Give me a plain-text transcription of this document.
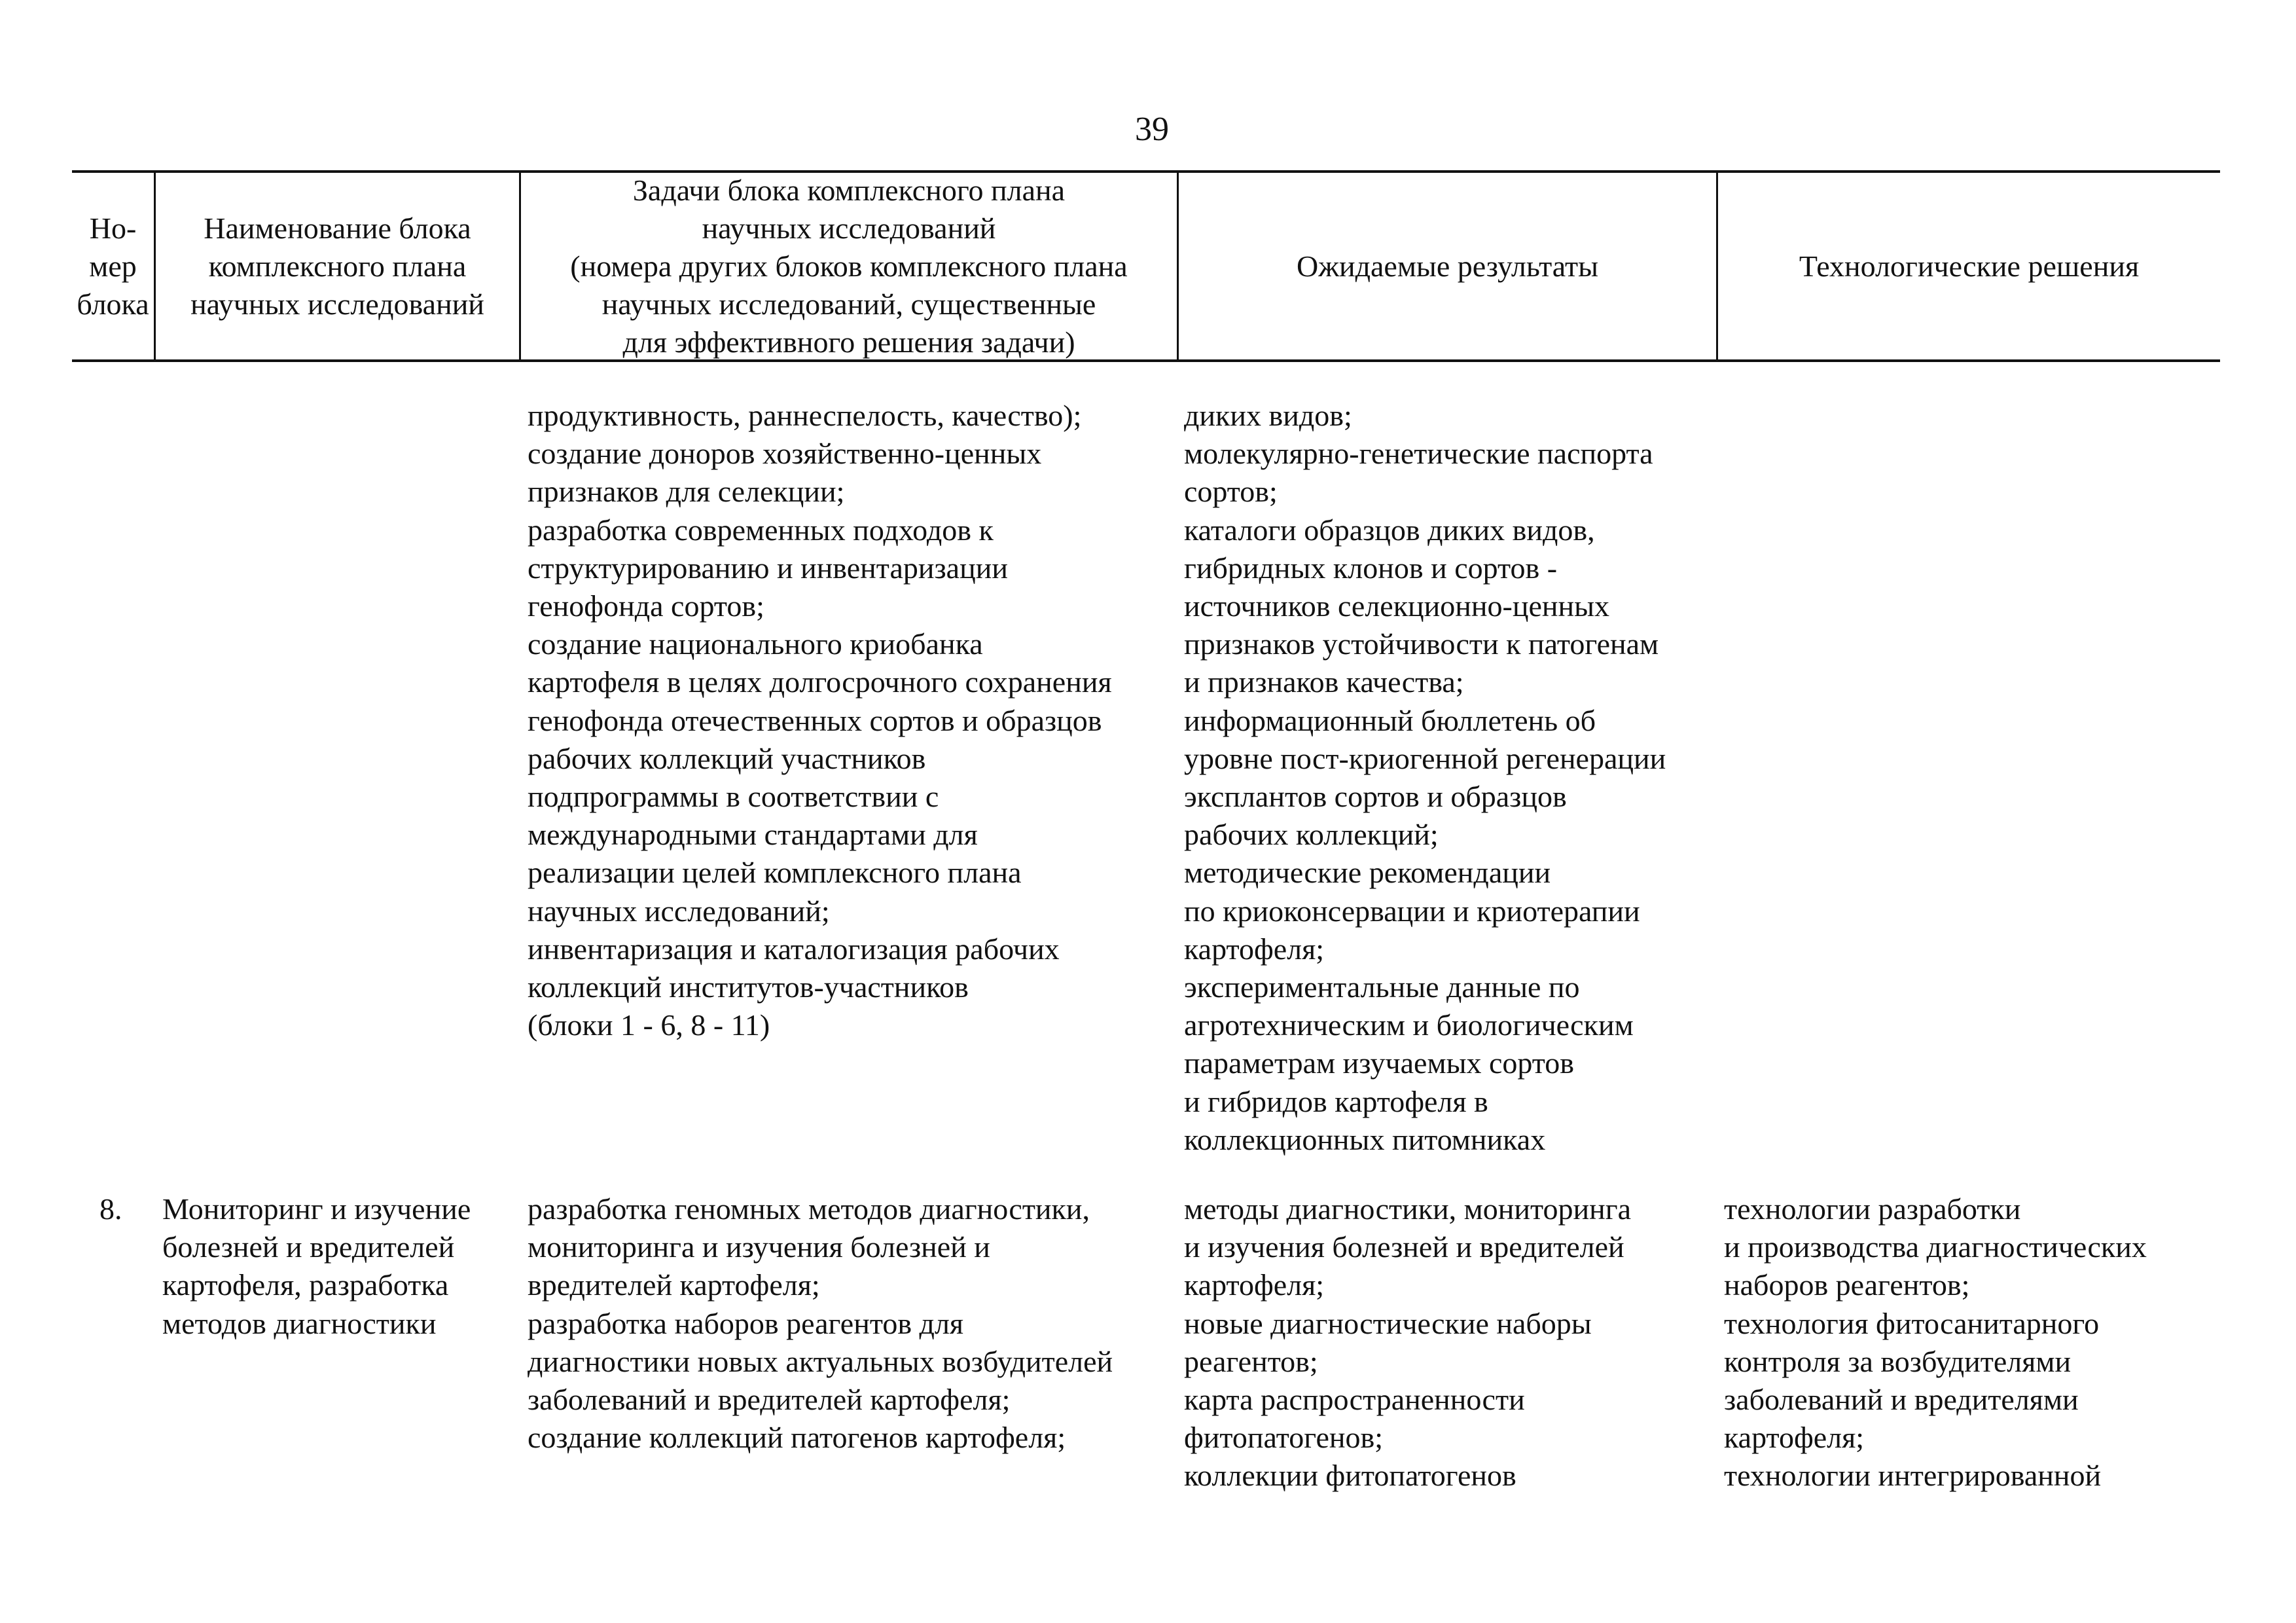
39
Но-
мер
блока
Наименование блока
комплексного плана
научных исследований
Задачи блока комплексного плана
научных исследований
(номера других блоков комплексного плана
научных исследований, существенные
для эффективного решения задачи)
Ожидаемые результаты	Технологические решения
продуктивность, раннеспелость, качество);
создание доноров хозяйственно-ценных
признаков для селекции;
разработка современных подходов к
структурированию и инвентаризации
генофонда сортов;
создание национального криобанка
картофеля в целях долгосрочного сохранения
генофонда отечественных сортов и образцов
рабочих коллекций участников
подпрограммы в соответствии с
международными стандартами для
реализации целей комплексного плана
научных исследований;
инвентаризация и каталогизация рабочих
коллекций институтов-участников
(блоки 1 - 6, 8 - 11)
диких видов;
молекулярно-генетические паспорта
сортов;
каталоги образцов диких видов,
гибридных клонов и сортов -
источников селекционно-ценных
признаков устойчивости к патогенам
и признаков качества;
информационный бюллетень об
уровне пост-криогенной регенерации
эксплантов сортов и образцов
рабочих коллекций;
методические рекомендации
по криоконсервации и криотерапии
картофеля;
экспериментальные данные по
агротехническим и биологическим
параметрам изучаемых сортов
и гибридов картофеля в
коллекционных питомниках
8.	Мониторинг и изучение
болезней и вредителей
картофеля, разработка
методов диагностики
разработка геномных методов диагностики,
мониторинга и изучения болезней и
вредителей картофеля;
разработка наборов реагентов для
диагностики новых актуальных возбудителей
заболеваний и вредителей картофеля;
создание коллекций патогенов картофеля;
методы диагностики, мониторинга
и изучения болезней и вредителей
картофеля;
новые диагностические наборы
реагентов;
карта распространенности
фитопатогенов;
коллекции фитопатогенов
технологии разработки
и производства диагностических
наборов реагентов;
технология фитосанитарного
контроля за возбудителями
заболеваний и вредителями
картофеля;
технологии интегрированной
